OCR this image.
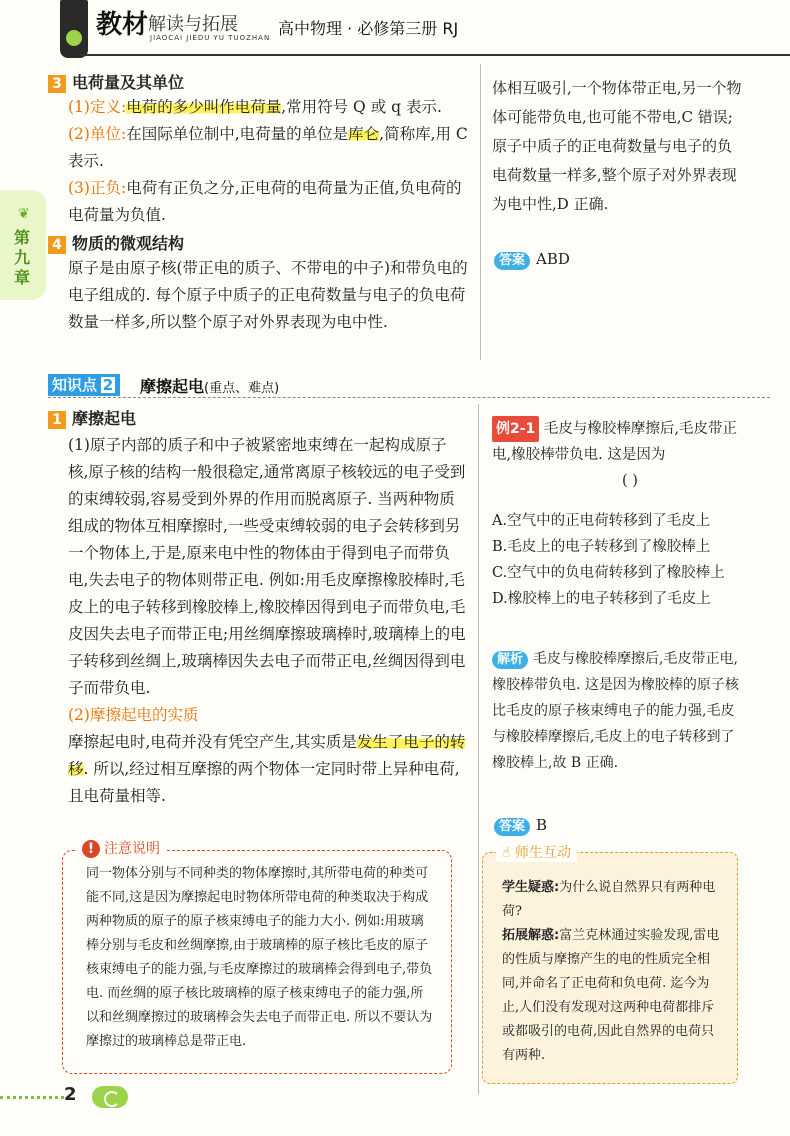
教材 解读与拓展
JIAOCAI JIEDU YU TUOZHAN 高中物理 · 必修第三册 RJ
❦
第九章
3 电荷量及其单位
(1)定义:电荷的多少叫作电荷量,常用符号 Q 或 q 表示.
(2)单位:在国际单位制中,电荷量的单位是库仑,简称库,用 C 表示.
(3)正负:电荷有正负之分,正电荷的电荷量为正值,负电荷的电荷量为负值.
4 物质的微观结构
原子是由原子核(带正电的质子、不带电的中子)和带负电的电子组成的. 每个原子中质子的正电荷数量与电子的负电荷数量一样多,所以整个原子对外界表现为电中性.
体相互吸引,一个物体带正电,另一个物体可能带负电,也可能不带电,C 错误;原子中质子的正电荷数量与电子的负电荷数量一样多,整个原子对外界表现为电中性,D 正确.
答案 ABD
知识点 2	摩擦起电(重点、难点)
1 摩擦起电
(1)原子内部的质子和中子被紧密地束缚在一起构成原子核,原子核的结构一般很稳定,通常离原子核较远的电子受到的束缚较弱,容易受到外界的作用而脱离原子. 当两种物质组成的物体互相摩擦时,一些受束缚较弱的电子会转移到另一个物体上,于是,原来电中性的物体由于得到电子而带负电,失去电子的物体则带正电. 例如:用毛皮摩擦橡胶棒时,毛皮上的电子转移到橡胶棒上,橡胶棒因得到电子而带负电,毛皮因失去电子而带正电;用丝绸摩擦玻璃棒时,玻璃棒上的电子转移到丝绸上,玻璃棒因失去电子而带正电,丝绸因得到电子而带负电.
(2)摩擦起电的实质
摩擦起电时,电荷并没有凭空产生,其实质是发生了电子的转移. 所以,经过相互摩擦的两个物体一定同时带上异种电荷,且电荷量相等.
! 注意说明
同一物体分别与不同种类的物体摩擦时,其所带电荷的种类可能不同,这是因为摩擦起电时物体所带电荷的种类取决于构成两种物质的原子的原子核束缚电子的能力大小. 例如:用玻璃棒分别与毛皮和丝绸摩擦,由于玻璃棒的原子核比毛皮的原子核束缚电子的能力强,与毛皮摩擦过的玻璃棒会得到电子,带负电. 而丝绸的原子核比玻璃棒的原子核束缚电子的能力强,所以和丝绸摩擦过的玻璃棒会失去电子而带正电. 所以不要认为摩擦过的玻璃棒总是带正电.
例2-1 毛皮与橡胶棒摩擦后,毛皮带正电,橡胶棒带负电. 这是因为 ( )
A.空气中的正电荷转移到了毛皮上
B.毛皮上的电子转移到了橡胶棒上
C.空气中的负电荷转移到了橡胶棒上
D.橡胶棒上的电子转移到了毛皮上
解析 毛皮与橡胶棒摩擦后,毛皮带正电,橡胶棒带负电. 这是因为橡胶棒的原子核比毛皮的原子核束缚电子的能力强,毛皮与橡胶棒摩擦后,毛皮上的电子转移到了橡胶棒上,故 B 正确.
答案 B
☝ 师生互动
学生疑惑:为什么说自然界只有两种电荷?
拓展解惑:富兰克林通过实验发现,雷电的性质与摩擦产生的电的性质完全相同,并命名了正电荷和负电荷. 迄今为止,人们没有发现对这两种电荷都排斥或都吸引的电荷,因此自然界的电荷只有两种.
2
